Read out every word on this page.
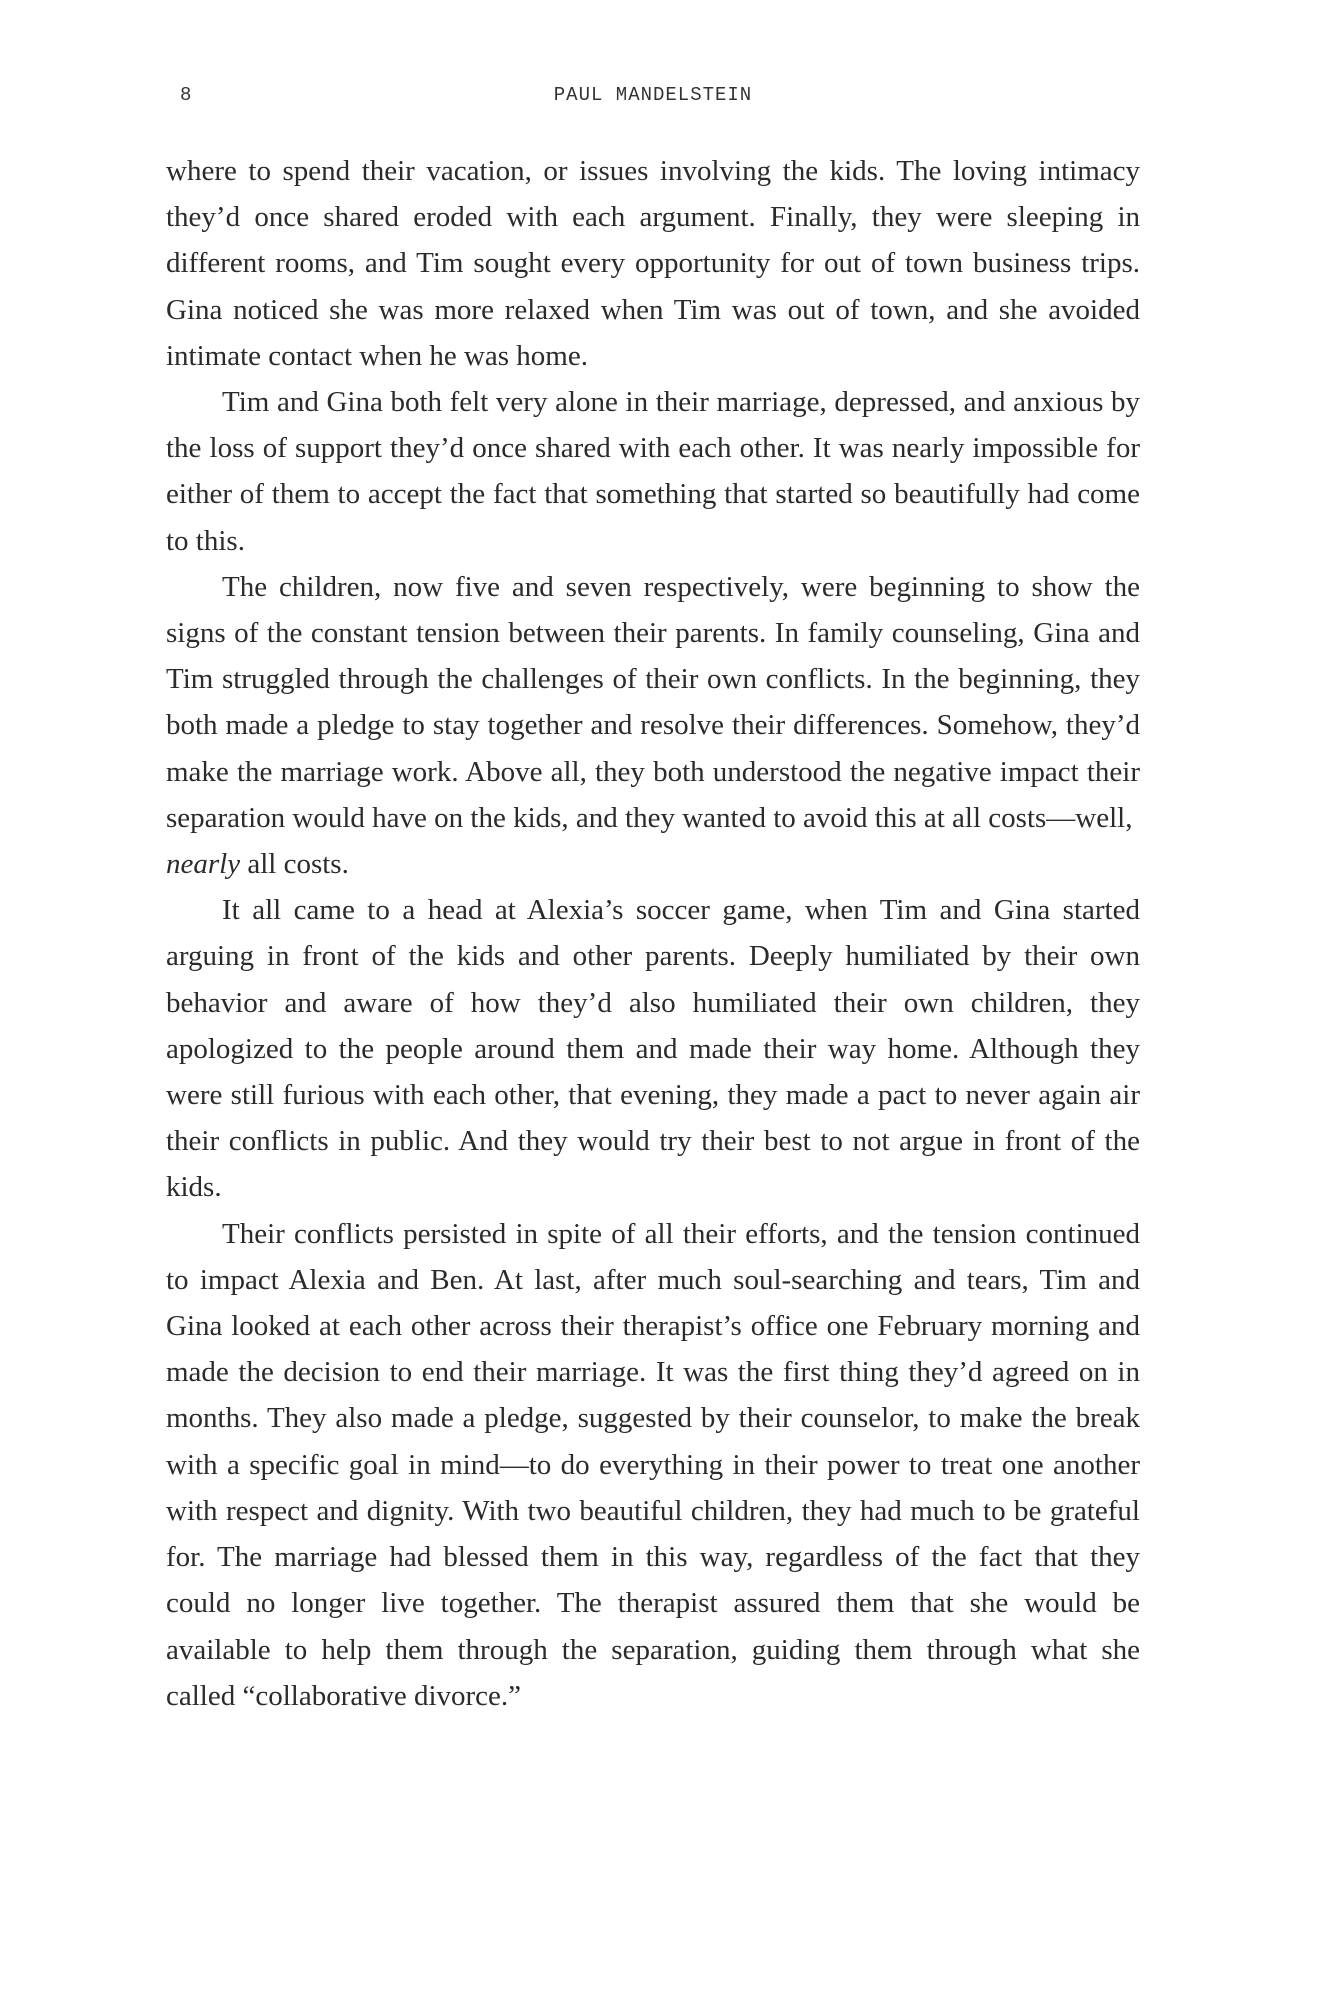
8	PAUL MANDELSTEIN

where to spend their vacation, or issues involving the kids. The loving intimacy they’d once shared eroded with each argument. Finally, they were sleeping in different rooms, and Tim sought every opportunity for out of town business trips. Gina noticed she was more relaxed when Tim was out of town, and she avoided intimate contact when he was home.

Tim and Gina both felt very alone in their marriage, depressed, and anxious by the loss of support they’d once shared with each other. It was nearly impossible for either of them to accept the fact that something that started so beautifully had come to this.

The children, now five and seven respectively, were beginning to show the signs of the constant tension between their parents. In family counseling, Gina and Tim struggled through the challenges of their own conflicts. In the beginning, they both made a pledge to stay together and resolve their differences. Somehow, they’d make the marriage work. Above all, they both understood the negative impact their separation would have on the kids, and they wanted to avoid this at all costs—well,
nearly all costs.

It all came to a head at Alexia’s soccer game, when Tim and Gina started arguing in front of the kids and other parents. Deeply humiliated by their own behavior and aware of how they’d also humiliated their own children, they apologized to the people around them and made their way home. Although they were still furious with each other, that evening, they made a pact to never again air their conflicts in public. And they would try their best to not argue in front of the kids.

Their conflicts persisted in spite of all their efforts, and the tension continued to impact Alexia and Ben. At last, after much soul-searching and tears, Tim and Gina looked at each other across their therapist’s office one February morning and made the decision to end their marriage. It was the first thing they’d agreed on in months. They also made a pledge, suggested by their counselor, to make the break with a specific goal in mind—to do everything in their power to treat one another with respect and dignity. With two beautiful children, they had much to be grateful for. The marriage had blessed them in this way, regardless of the fact that they could no longer live together. The therapist assured them that she would be available to help them through the separation, guiding them through what she called “collaborative divorce.”
